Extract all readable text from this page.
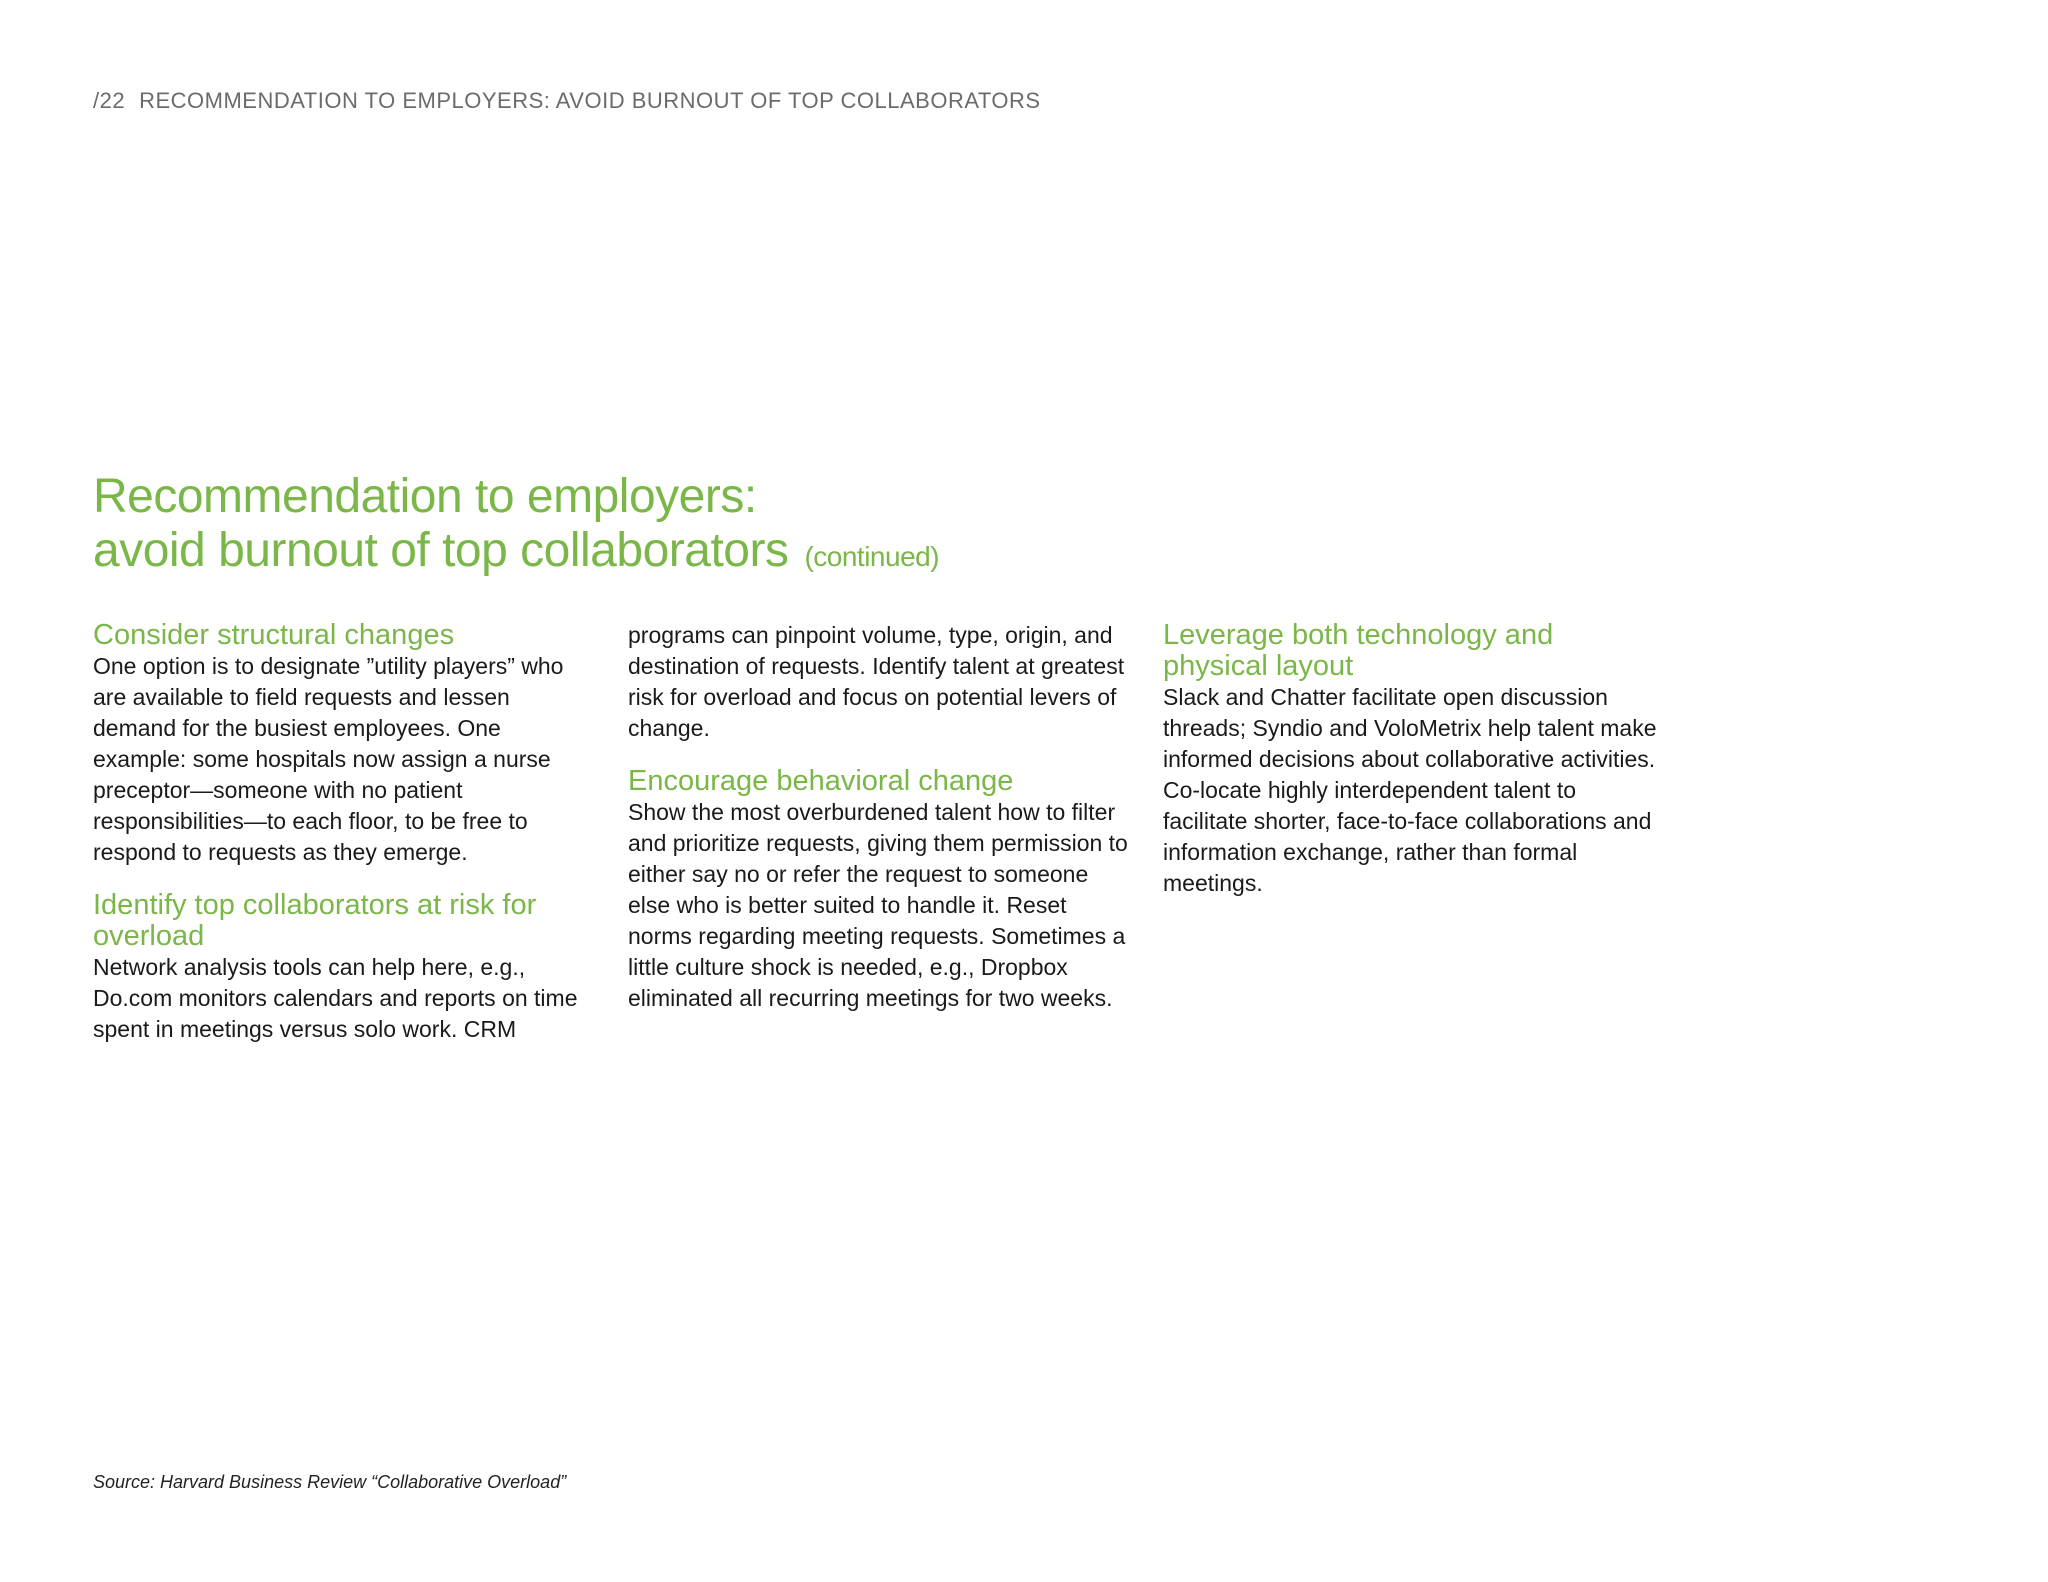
/22 RECOMMENDATION TO EMPLOYERS: AVOID BURNOUT OF TOP COLLABORATORS
Recommendation to employers:
avoid burnout of top collaborators (continued)
Consider structural changes

One option is to designate ”utility players” who are available to field requests and lessen demand for the busiest employees. One example: some hospitals now assign a nurse preceptor—someone with no patient responsibilities—to each floor, to be free to respond to requests as they emerge.

Identify top collaborators at risk for overload

Network analysis tools can help here, e.g., Do.com monitors calendars and reports on time spent in meetings versus solo work. CRM

programs can pinpoint volume, type, origin, and destination of requests. Identify talent at greatest risk for overload and focus on potential levers of change.

Encourage behavioral change

Show the most overburdened talent how to filter and prioritize requests, giving them permission to either say no or refer the request to someone else who is better suited to handle it. Reset norms regarding meeting requests. Sometimes a little culture shock is needed, e.g., Dropbox eliminated all recurring meetings for two weeks.

Leverage both technology and physical layout

Slack and Chatter facilitate open discussion threads; Syndio and VoloMetrix help talent make informed decisions about collaborative activities. Co-locate highly interdependent talent to facilitate shorter, face-to-face collaborations and information exchange, rather than formal meetings.

Source: Harvard Business Review “Collaborative Overload”
